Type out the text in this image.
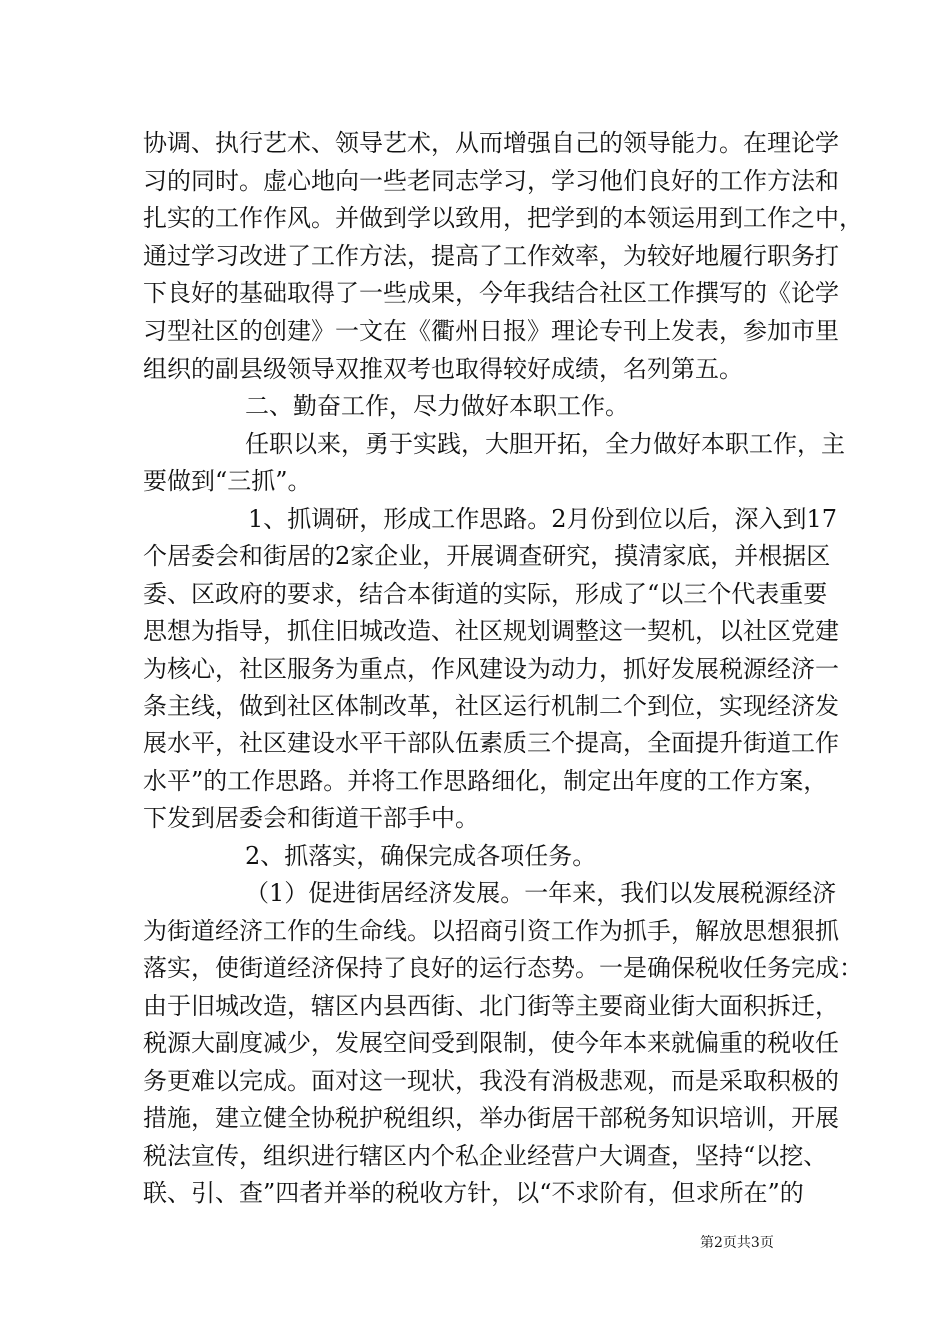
协调、执行艺术、领导艺术，从而增强自己的领导能力。在理论学
习的同时。虚心地向一些老同志学习，学习他们良好的工作方法和
扎实的工作作风。并做到学以致用，把学到的本领运用到工作之中，
通过学习改进了工作方法，提高了工作效率，为较好地履行职务打
下良好的基础取得了一些成果，今年我结合社区工作撰写的《论学
习型社区的创建》一文在《衢州日报》理论专刊上发表，参加市里
组织的副县级领导双推双考也取得较好成绩，名列第五。
二、勤奋工作，尽力做好本职工作。
任职以来，勇于实践，大胆开拓，全力做好本职工作，主
要做到“三抓”。
1、抓调研，形成工作思路。2月份到位以后，深入到17
个居委会和街居的2家企业，开展调查研究，摸清家底，并根据区
委、区政府的要求，结合本街道的实际，形成了“以三个代表重要
思想为指导，抓住旧城改造、社区规划调整这一契机，以社区党建
为核心，社区服务为重点，作风建设为动力，抓好发展税源经济一
条主线，做到社区体制改革，社区运行机制二个到位，实现经济发
展水平，社区建设水平干部队伍素质三个提高，全面提升街道工作
水平”的工作思路。并将工作思路细化，制定出年度的工作方案，
下发到居委会和街道干部手中。
2、抓落实，确保完成各项任务。
（1）促进街居经济发展。一年来，我们以发展税源经济
为街道经济工作的生命线。以招商引资工作为抓手，解放思想狠抓
落实，使街道经济保持了良好的运行态势。一是确保税收任务完成：
由于旧城改造，辖区内县西街、北门街等主要商业街大面积拆迁，
税源大副度减少，发展空间受到限制，使今年本来就偏重的税收任
务更难以完成。面对这一现状，我没有消极悲观，而是采取积极的
措施，建立健全协税护税组织，举办街居干部税务知识培训，开展
税法宣传，组织进行辖区内个私企业经营户大调查，坚持“以挖、
联、引、查”四者并举的税收方针，以“不求阶有，但求所在”的
第2页共3页
